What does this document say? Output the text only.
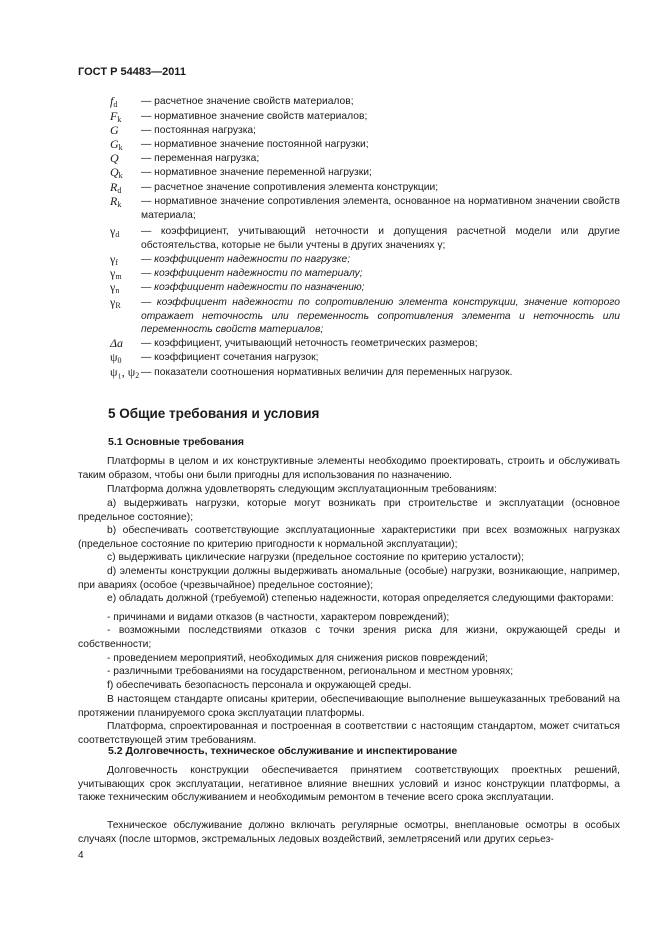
ГОСТ Р 54483—2011
$f_d$	— расчетное значение свойств материалов;
$F_k$	— нормативное значение свойств материалов;
G	— постоянная нагрузка;
$G_k$	— нормативное значение постоянной нагрузки;
Q	— переменная нагрузка;
$Q_k$	— нормативное значение переменной нагрузки;
$R_d$	— расчетное значение сопротивления элемента конструкции;
$R_k$	— нормативное значение сопротивления элемента, основанное на нормативном значении свойств материала;
$\gamma_d$	— коэффициент, учитывающий неточности и допущения расчетной модели или другие обстоятельства, которые не были учтены в других значениях γ;
$\gamma_f$	— коэффициент надежности по нагрузке;
$\gamma_m$	— коэффициент надежности по материалу;
$\gamma_n$	— коэффициент надежности по назначению;
$\gamma_R$	— коэффициент надежности по сопротивлению элемента конструкции, значение которого отражает неточность или переменность сопротивления элемента и неточность или переменность свойств материалов;
Δa	— коэффициент, учитывающий неточность геометрических размеров;
$\psi_0$	— коэффициент сочетания нагрузок;
ψ₁, $\psi_2$ — показатели соотношения нормативных величин для переменных нагрузок.
5 Общие требования и условия
5.1 Основные требования
Платформы в целом и их конструктивные элементы необходимо проектировать, строить и обслуживать таким образом, чтобы они были пригодны для использования по назначению.
Платформа должна удовлетворять следующим эксплуатационным требованиям:
а) выдерживать нагрузки, которые могут возникать при строительстве и эксплуатации (основное предельное состояние);
b) обеспечивать соответствующие эксплуатационные характеристики при всех возможных нагрузках (предельное состояние по критерию пригодности к нормальной эксплуатации);
с) выдерживать циклические нагрузки (предельное состояние по критерию усталости);
d) элементы конструкции должны выдерживать аномальные (особые) нагрузки, возникающие, например, при авариях (особое (чрезвычайное) предельное состояние);
е) обладать должной (требуемой) степенью надежности, которая определяется следующими факторами:
- причинами и видами отказов (в частности, характером повреждений);
- возможными последствиями отказов с точки зрения риска для жизни, окружающей среды и собственности;
- проведением мероприятий, необходимых для снижения рисков повреждений;
- различными требованиями на государственном, региональном и местном уровнях;
f) обеспечивать безопасность персонала и окружающей среды.
В настоящем стандарте описаны критерии, обеспечивающие выполнение вышеуказанных требований на протяжении планируемого срока эксплуатации платформы.
Платформа, спроектированная и построенная в соответствии с настоящим стандартом, может считаться соответствующей этим требованиям.
5.2 Долговечность, техническое обслуживание и инспектирование
Долговечность конструкции обеспечивается принятием соответствующих проектных решений, учитывающих срок эксплуатации, негативное влияние внешних условий и износ конструкции платформы, а также техническим обслуживанием и необходимым ремонтом в течение всего срока эксплуатации.
Техническое обслуживание должно включать регулярные осмотры, внеплановые осмотры в особых случаях (после штормов, экстремальных ледовых воздействий, землетрясений или других серьез-
4
